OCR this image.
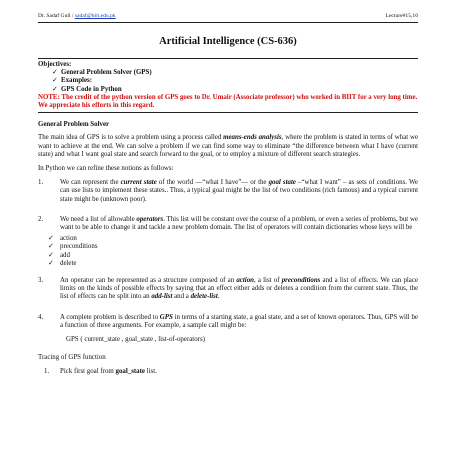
Dr. Sadaf Gull / sadaf@biit.edu.pk	Lecture#15,16
Artificial Intelligence (CS-636)
Objectives:
✓ General Problem Solver (GPS)
✓ Examples:
✓ GPS Code in Python
NOTE: The credit of the python version of GPS goes to Dr. Umair (Associate professor) who worked in BIIT for a very long time. We appreciate his efforts in this regard.
General Problem Solver

The main idea of GPS is to solve a problem using a process called means-ends analysis, where the problem is stated in terms of what we want to achieve at the end. We can solve a problem if we can find some way to eliminate “the difference between what I have (current state) and what I want goal state and search forward to the goal, or to employ a mixture of different search strategies.

In Python we can refine these notions as follows:

1.	We can represent the current state of the world —“what I have”— or the goal state –“what I want” – as sets of conditions. We can use lists to implement these states.. Thus, a typical goal might be the list of two conditions (rich famous) and a typical current state might be (unknown poor).
2.	We need a list of allowable operators. This list will be constant over the course of a problem, or even a series of problems, but we want to be able to change it and tackle a new problem domain. The list of operators will contain dictionaries whose keys will be
✓ action
✓ preconditions
✓ add
✓ delete
3.	An operator can be represented as a structure composed of an action, a list of preconditions and a list of effects. We can place limits on the kinds of possible effects by saying that an effect either adds or deletes a condition from the current state. Thus, the list of effects can be split into an add-list and a delete-list.
4.	A complete problem is described to GPS in terms of a starting state, a goal state, and a set of known operators. Thus, GPS will be a function of three arguments. For example, a sample call might be:
GPS ( current_state , goal_state , list-of-operators)
Tracing of GPS function
1.	Pick first goal from goal_state list.
